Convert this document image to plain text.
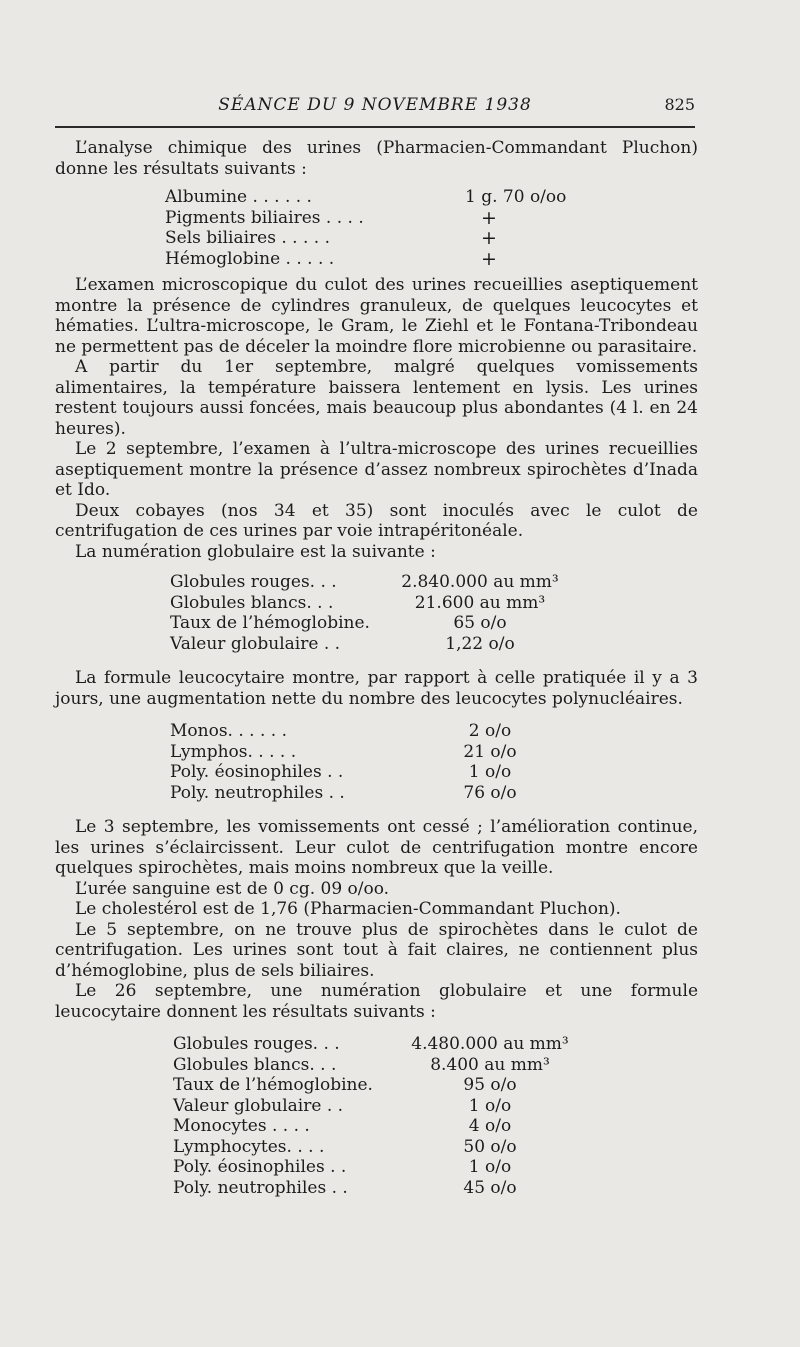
SÉANCE DU 9 NOVEMBRE 1938	825

L’analyse chimique des urines (Pharmacien-Commandant Pluchon) donne les résultats suivants :

Albumine . . . . . .	1 g. 70 o/oo
Pigments biliaires . . . .	+
Sels biliaires . . . . .	+
Hémoglobine . . . . .	+

L’examen microscopique du culot des urines recueillies aseptiquement montre la présence de cylindres granuleux, de quelques leucocytes et hématies. L’ultra-microscope, le Gram, le Ziehl et le Fontana-Tribondeau ne permettent pas de déceler la moindre flore microbienne ou parasitaire.

A partir du 1er septembre, malgré quelques vomissements alimentaires, la température baissera lentement en lysis. Les urines restent toujours aussi foncées, mais beaucoup plus abondantes (4 l. en 24 heures).

Le 2 septembre, l’examen à l’ultra-microscope des urines recueillies aseptiquement montre la présence d’assez nombreux spirochètes d’Inada et Ido.

Deux cobayes (nos 34 et 35) sont inoculés avec le culot de centrifugation de ces urines par voie intrapéritonéale.

La numération globulaire est la suivante :

Globules rouges. . .	2.840.000 au mm³
Globules blancs. . .	21.600 au mm³
Taux de l’hémoglobine.	65 o/o
Valeur globulaire . .	1,22 o/o

La formule leucocytaire montre, par rapport à celle pratiquée il y a 3 jours, une augmentation nette du nombre des leucocytes polynucléaires.

Monos. . . . . .	2 o/o
Lymphos. . . . .	21 o/o
Poly. éosinophiles . .	1 o/o
Poly. neutrophiles . .	76 o/o

Le 3 septembre, les vomissements ont cessé ; l’amélioration continue, les urines s’éclaircissent. Leur culot de centrifugation montre encore quelques spirochètes, mais moins nombreux que la veille.

L’urée sanguine est de 0 cg. 09 o/oo.

Le cholestérol est de 1,76 (Pharmacien-Commandant Pluchon).

Le 5 septembre, on ne trouve plus de spirochètes dans le culot de centrifugation. Les urines sont tout à fait claires, ne contiennent plus d’hémoglobine, plus de sels biliaires.

Le 26 septembre, une numération globulaire et une formule leucocytaire donnent les résultats suivants :

Globules rouges. . .	4.480.000 au mm³
Globules blancs. . .	8.400 au mm³
Taux de l’hémoglobine.	95 o/o
Valeur globulaire . .	1 o/o
Monocytes . . . .	4 o/o
Lymphocytes. . . .	50 o/o
Poly. éosinophiles . .	1 o/o
Poly. neutrophiles . .	45 o/o
